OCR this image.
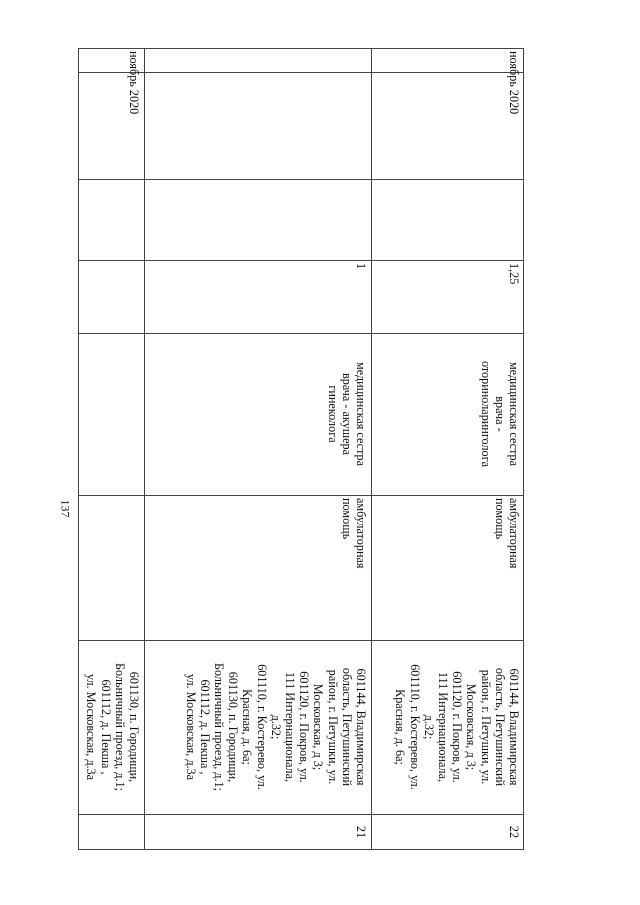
137
601130, п. Городищи,
Больничный проезд, д.1;
601112, д. Пекша ,
ул. Московская, д.3а
ноябрь 2020
21
601144, Владимирская
область, Петушинский
район, г. Петушки, ул.
Московская, д 3;
601120, г. Покров, ул.
111 Интернационала,
д.32;
601110, г. Костерево, ул.
Красная, д. 6а;
601130, п. Городищи,
Больничный проезд, д.1;
601112, д. Пекша ,
ул. Московская, д.3а
амбулаторная
помощь
медицинская сестра
врача - акушера
гинеколога
1
22
601144, Владимирская
область, Петушинский
район, г. Петушки, ул.
Московская, д 3;
601120, г. Покров, ул.
111 Интернационала,
д.32;
601110, г. Костерево, ул.
Красная, д. 6а;
амбулаторная
помощь
медицинская сестра
врача -
оториноларинголога
1,25
ноябрь 2020
